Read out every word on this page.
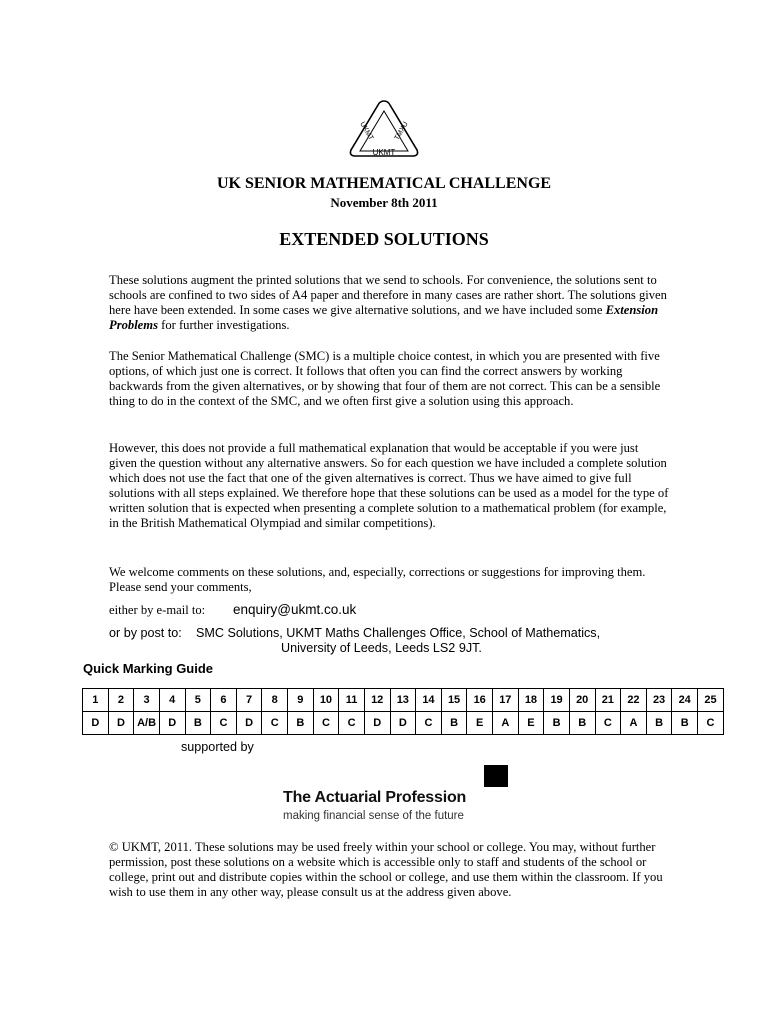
UKMT
UKMT	UKMT
UK SENIOR MATHEMATICAL CHALLENGE
November 8th 2011
EXTENDED SOLUTIONS

These solutions augment the printed solutions that we send to schools. For convenience, the solutions sent to schools are confined to two sides of A4 paper and therefore in many cases are rather short. The solutions given here have been extended. In some cases we give alternative solutions, and we have included some Extension Problems for further investigations.

The Senior Mathematical Challenge (SMC) is a multiple choice contest, in which you are presented with five options, of which just one is correct. It follows that often you can find the correct answers by working backwards from the given alternatives, or by showing that four of them are not correct. This can be a sensible thing to do in the context of the SMC, and we often first give a solution using this approach.

However, this does not provide a full mathematical explanation that would be acceptable if you were just given the question without any alternative answers. So for each question we have included a complete solution which does not use the fact that one of the given alternatives is correct. Thus we have aimed to give full solutions with all steps explained. We therefore hope that these solutions can be used as a model for the type of written solution that is expected when presenting a complete solution to a mathematical problem (for example, in the British Mathematical Olympiad and similar competitions).

We welcome comments on these solutions, and, especially, corrections or suggestions for improving them. Please send your comments,

either by e-mail to: enquiry@ukmt.co.uk
or by post to: SMC Solutions, UKMT Maths Challenges Office, School of Mathematics,
University of Leeds, Leeds LS2 9JT.
Quick Marking Guide
1	2	3	4	5	6	7	8	9	10	11	12	13	14	15	16	17	18	19	20	21	22	23	24	25
D	D	A/B	D	B	C	D	C	B	C	C	D	D	C	B	E	A	E	B	B	C	A	B	B	C
supported by
The Actuarial Profession
making financial sense of the future

© UKMT, 2011. These solutions may be used freely within your school or college. You may, without further permission, post these solutions on a website which is accessible only to staff and students of the school or college, print out and distribute copies within the school or college, and use them within the classroom. If you wish to use them in any other way, please consult us at the address given above.
